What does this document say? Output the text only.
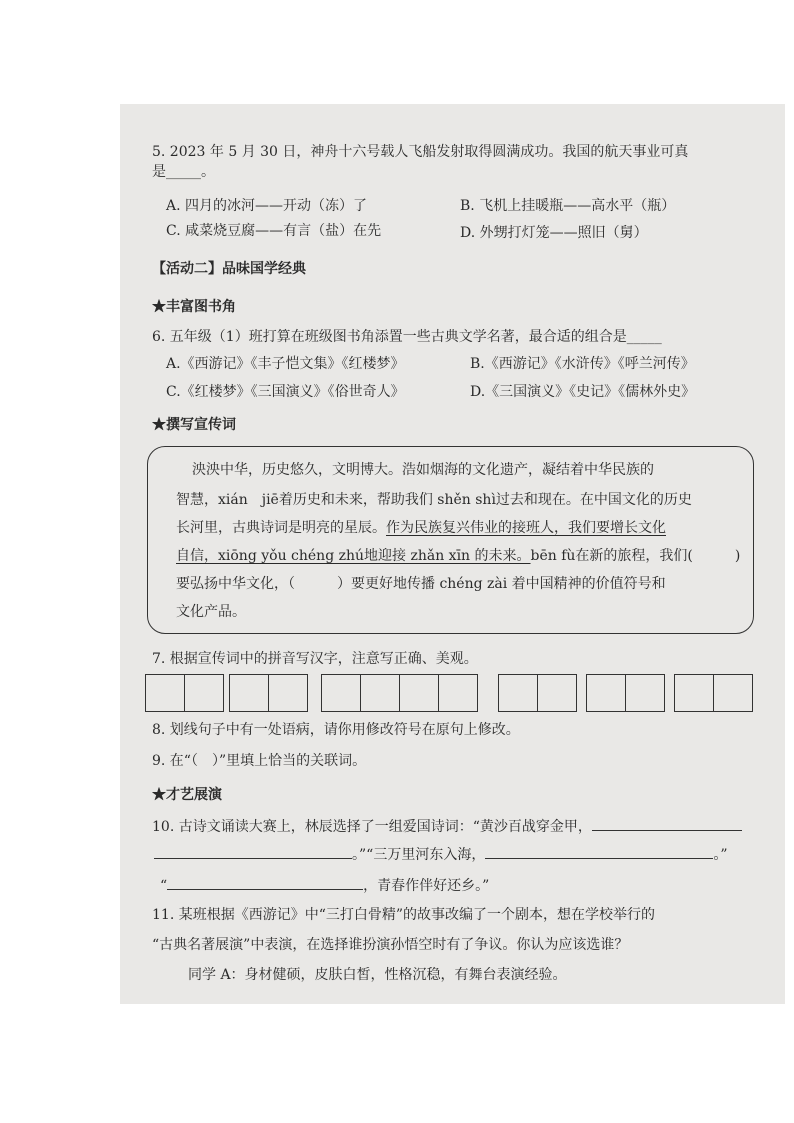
5. 2023 年 5 月 30 日，神舟十六号载人飞船发射取得圆满成功。我国的航天事业可真
是_____。
A. 四月的冰河——开动（冻）了	B. 飞机上挂暖瓶——高水平（瓶）
C. 咸菜烧豆腐——有言（盐）在先	D. 外甥打灯笼——照旧（舅）
【活动二】品味国学经典
★丰富图书角
6. 五年级（1）班打算在班级图书角添置一些古典文学名著，最合适的组合是_____
A.《西游记》《丰子恺文集》《红楼梦》	B.《西游记》《水浒传》《呼兰河传》
C.《红楼梦》《三国演义》《俗世奇人》	D.《三国演义》《史记》《儒林外史》
★撰写宣传词
泱泱中华，历史悠久，文明博大。浩如烟海的文化遗产，凝结着中华民族的
智慧，xián　jiē着历史和未来，帮助我们 shěn shì过去和现在。在中国文化的历史
长河里，古典诗词是明亮的星辰。作为民族复兴伟业的接班人，我们要增长文化
自信，xiōng yǒu chéng zhú地迎接 zhǎn xīn 的未来。bēn fù在新的旅程，我们(　　　)
要弘扬中华文化，（　　　）要更好地传播 chéng zài 着中国精神的价值符号和
文化产品。
7. 根据宣传词中的拼音写汉字，注意写正确、美观。
8. 划线句子中有一处语病，请你用修改符号在原句上修改。
9. 在“（　）”里填上恰当的关联词。
★才艺展演
10. 古诗文诵读大赛上，林辰选择了一组爱国诗词：“黄沙百战穿金甲，
。”“三万里河东入海，	。”
“	，青春作伴好还乡。”
11. 某班根据《西游记》中“三打白骨精”的故事改编了一个剧本，想在学校举行的
“古典名著展演”中表演，在选择谁扮演孙悟空时有了争议。你认为应该选谁？
同学 A：身材健硕，皮肤白皙，性格沉稳，有舞台表演经验。
